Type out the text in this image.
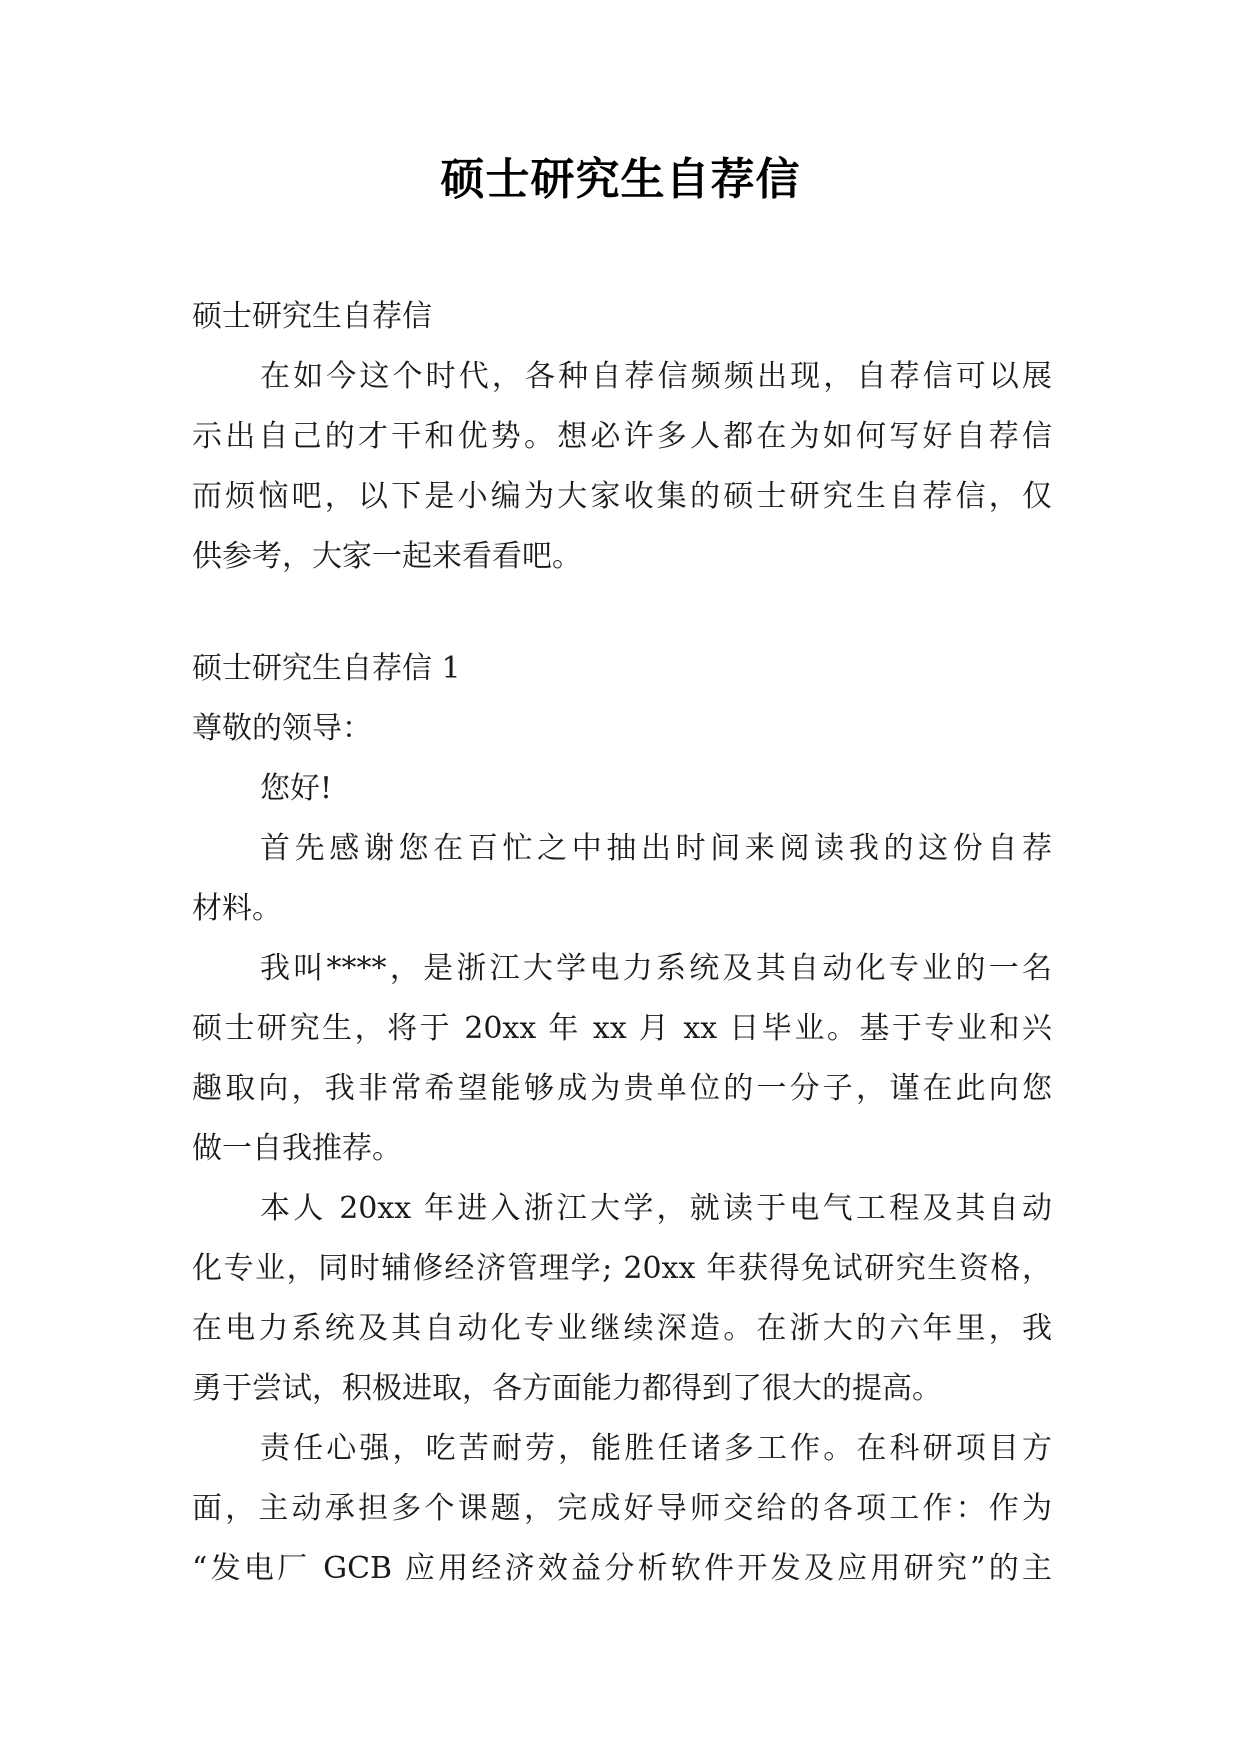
硕士研究生自荐信
硕士研究生自荐信
在如今这个时代，各种自荐信频频出现，自荐信可以展
示出自己的才干和优势。想必许多人都在为如何写好自荐信
而烦恼吧，以下是小编为大家收集的硕士研究生自荐信，仅
供参考，大家一起来看看吧。
硕士研究生自荐信 1
尊敬的领导：
您好!
首先感谢您在百忙之中抽出时间来阅读我的这份自荐
材料。
我叫****，是浙江大学电力系统及其自动化专业的一名
硕士研究生，将于 20xx 年 xx 月 xx 日毕业。基于专业和兴
趣取向，我非常希望能够成为贵单位的一分子，谨在此向您
做一自我推荐。
本人 20xx 年进入浙江大学，就读于电气工程及其自动
化专业，同时辅修经济管理学; 20xx 年获得免试研究生资格，
在电力系统及其自动化专业继续深造。在浙大的六年里，我
勇于尝试，积极进取，各方面能力都得到了很大的提高。
责任心强，吃苦耐劳，能胜任诸多工作。在科研项目方
面，主动承担多个课题，完成好导师交给的各项工作：作为
“发电厂 GCB 应用经济效益分析软件开发及应用研究”的主
